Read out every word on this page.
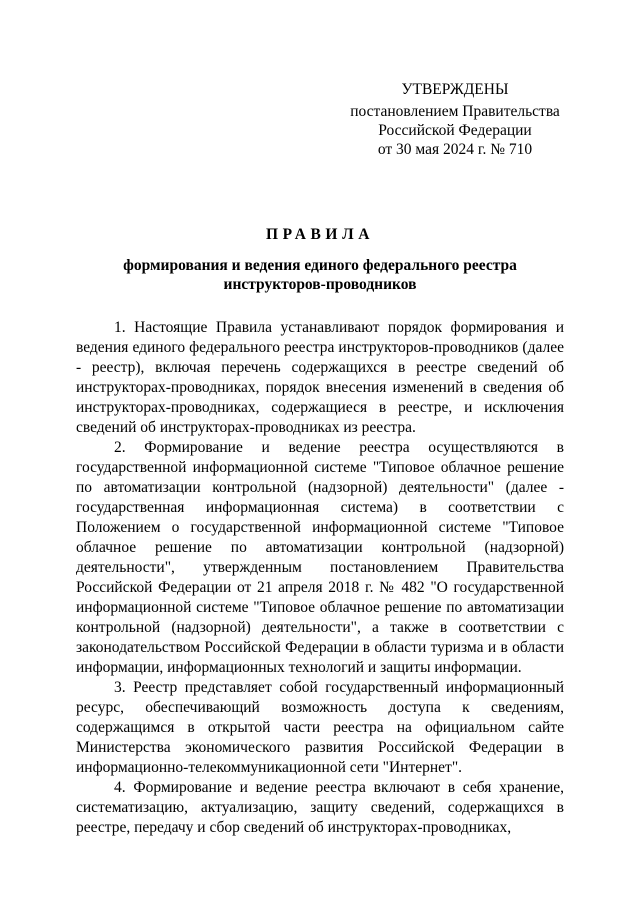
УТВЕРЖДЕНЫ
постановлением Правительства
Российской Федерации
от 30 мая 2024 г. № 710
ПРАВИЛА
формирования и ведения единого федерального реестра
инструкторов-проводников

1. Настоящие Правила устанавливают порядок формирования и ведения единого федерального реестра инструкторов-проводников (далее - реестр), включая перечень содержащихся в реестре сведений об инструкторах-проводниках, порядок внесения изменений в сведения об инструкторах-проводниках, содержащиеся в реестре, и исключения сведений об инструкторах-проводниках из реестра.

2. Формирование и ведение реестра осуществляются в государственной информационной системе "Типовое облачное решение по автоматизации контрольной (надзорной) деятельности" (далее - государственная информационная система) в соответствии с Положением о государственной информационной системе "Типовое облачное решение по автоматизации контрольной (надзорной) деятельности", утвержденным постановлением Правительства Российской Федерации от 21 апреля 2018 г. № 482 "О государственной информационной системе "Типовое облачное решение по автоматизации контрольной (надзорной) деятельности", а также в соответствии с законодательством Российской Федерации в области туризма и в области информации, информационных технологий и защиты информации.

3. Реестр представляет собой государственный информационный ресурс, обеспечивающий возможность доступа к сведениям, содержащимся в открытой части реестра на официальном сайте Министерства экономического развития Российской Федерации в информационно-телекоммуникационной сети "Интернет".

4. Формирование и ведение реестра включают в себя хранение, систематизацию, актуализацию, защиту сведений, содержащихся в реестре, передачу и сбор сведений об инструкторах-проводниках,
